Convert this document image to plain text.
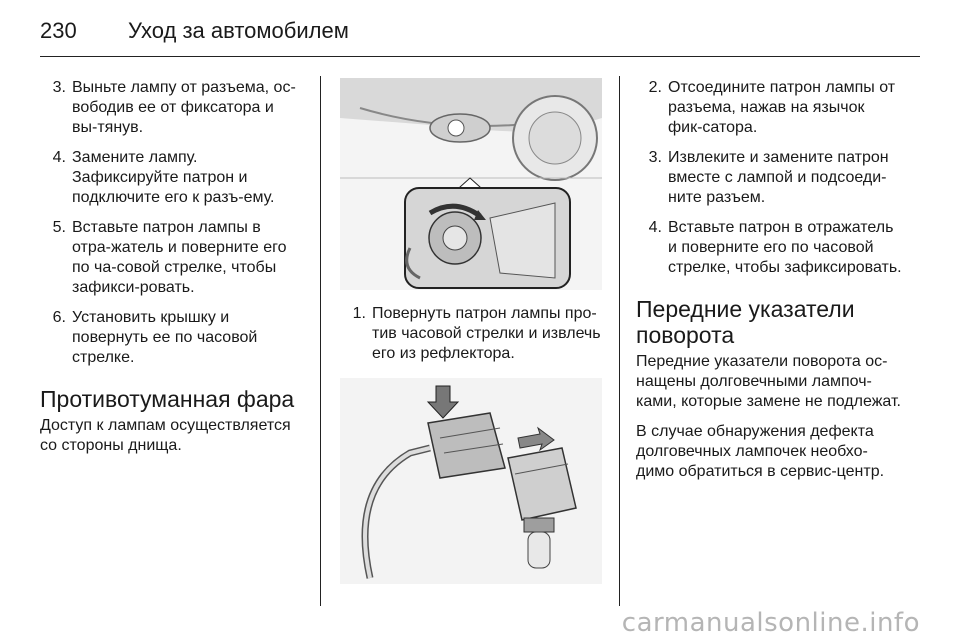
230 Уход за автомобилем
3. Выньте лампу от разъема, ос-вободив ее от фиксатора и вы-тянув.
4. Замените лампу. Зафиксируйте патрон и подключите его к разъ-ему.
5. Вставьте патрон лампы в отра-жатель и поверните его по ча-совой стрелке, чтобы зафикси-ровать.
6. Установить крышку и повернуть ее по часовой стрелке.
Противотуманная фара

Доступ к лампам осуществляется со стороны днища.

1. Повернуть патрон лампы про-тив часовой стрелки и извлечь его из рефлектора.
2. Отсоедините патрон лампы от разъема, нажав на язычок фик-сатора.
3. Извлеките и замените патрон вместе с лампой и подсоеди-ните разъем.
4. Вставьте патрон в отражатель и поверните его по часовой стрелке, чтобы зафиксировать.
Передние указатели поворота

Передние указатели поворота ос-нащены долговечными лампоч-ками, которые замене не подлежат.

В случае обнаружения дефекта долговечных лампочек необхо-димо обратиться в сервис-центр.

carmanualsonline.info
